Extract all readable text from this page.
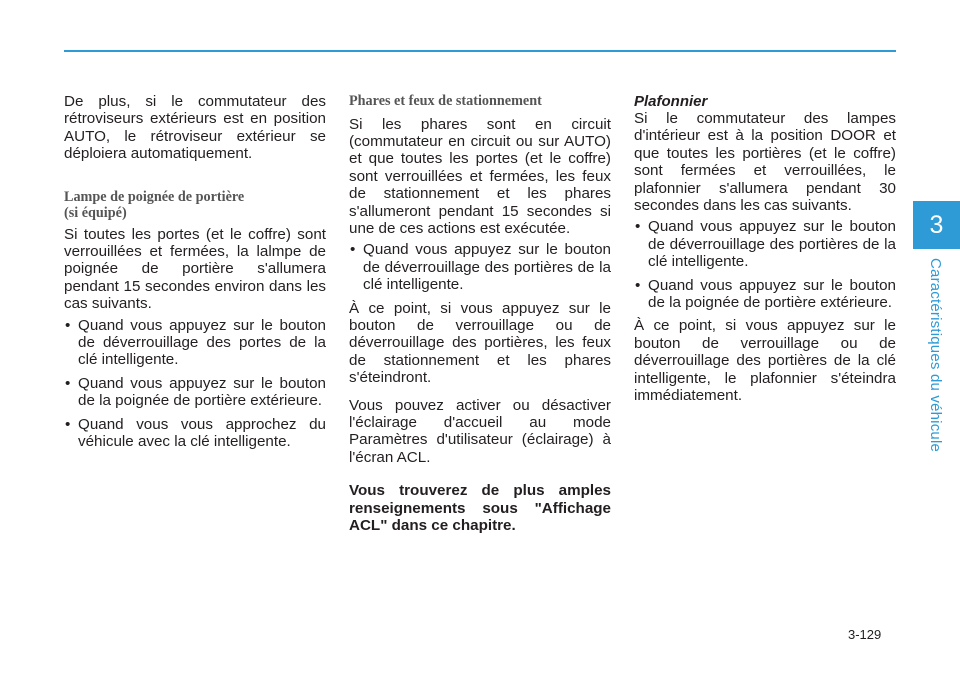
3
Caractéristiques du véhicule

De plus, si le commutateur des rétroviseurs extérieurs est en position AUTO, le rétroviseur extérieur se déploiera automatiquement.

Lampe de poignée de portière
(si équipé)

Si toutes les portes (et le coffre) sont verrouillées et fermées, la lalmpe de poignée de portière s'allumera pendant 15 secondes environ dans les cas suivants.

• Quand vous appuyez sur le bouton de déverrouillage des portes de la clé intelligente.
• Quand vous appuyez sur le bouton de la poignée de portière extérieure.
• Quand vous vous approchez du véhicule avec la clé intelligente.

Phares et feux de stationnement

Si les phares sont en circuit (commutateur en circuit ou sur AUTO) et que toutes les portes (et le coffre) sont verrouillées et fermées, les feux de stationnement et les phares s'allumeront pendant 15 secondes si une de ces actions est exécutée.

• Quand vous appuyez sur le bouton de déverrouillage des portières de la clé intelligente.

À ce point, si vous appuyez sur le bouton de verrouillage ou de déverrouillage des portières, les feux de stationnement et les phares s'éteindront.

Vous pouvez activer ou désactiver l'éclairage d'accueil au mode Paramètres d'utilisateur (éclairage) à l'écran ACL.

Vous trouverez de plus amples renseignements sous "Affichage ACL" dans ce chapitre.

Plafonnier

Si le commutateur des lampes d'intérieur est à la position DOOR et que toutes les portières (et le coffre) sont fermées et verrouillées, le plafonnier s'allumera pendant 30 secondes dans les cas suivants.

• Quand vous appuyez sur le bouton de déverrouillage des portières de la clé intelligente.
• Quand vous appuyez sur le bouton de la poignée de portière extérieure.

À ce point, si vous appuyez sur le bouton de verrouillage ou de déverrouillage des portières de la clé intelligente, le plafonnier s'éteindra immédiatement.

3-129
